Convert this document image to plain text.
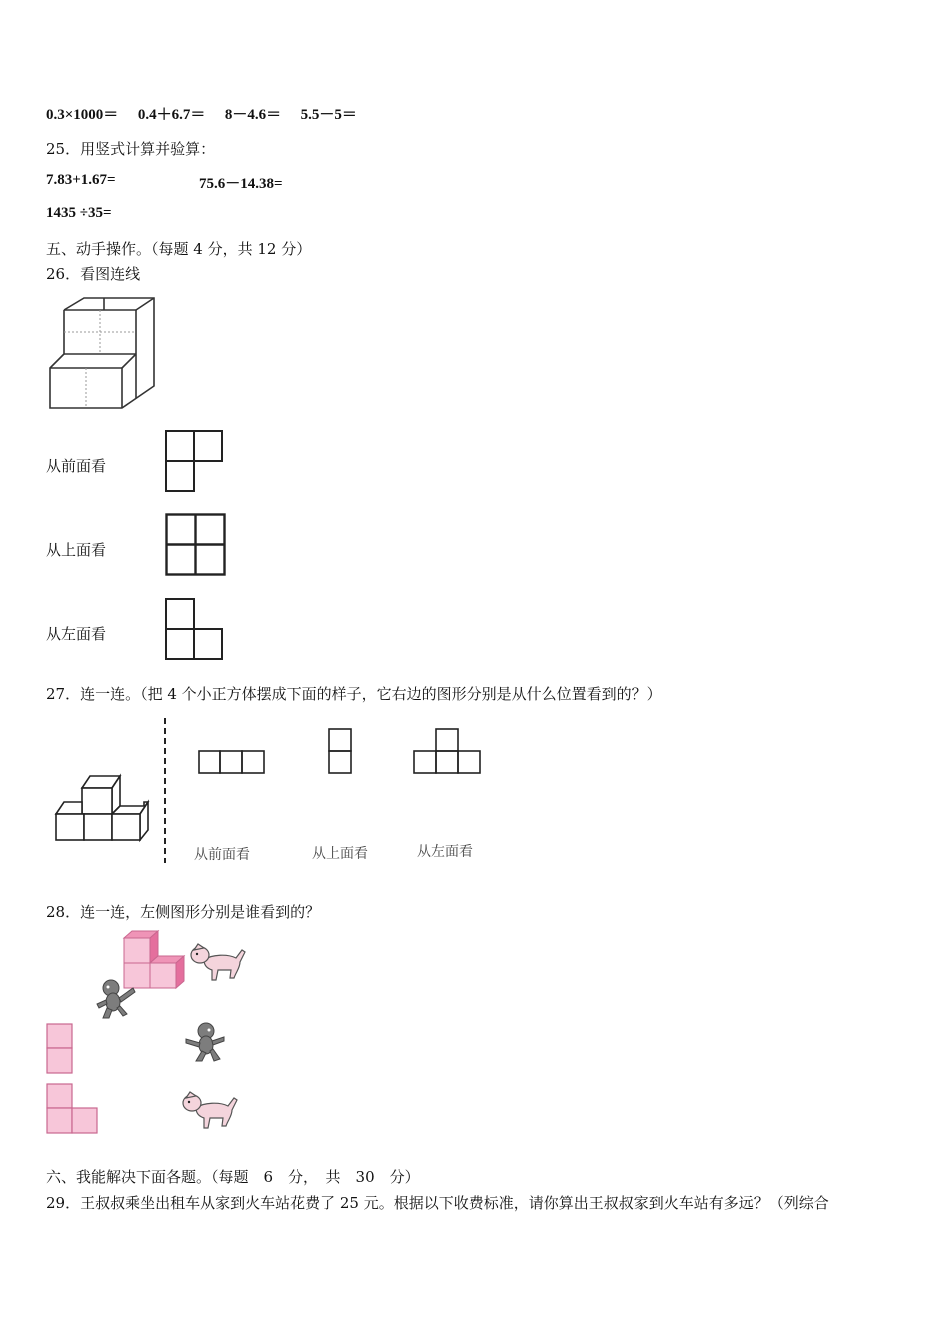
0.3×1000＝ 0.4＋6.7＝ 8－4.6＝ 5.5－5＝
25．用竖式计算并验算：
7.83+1.67=	75.6－14.38=
1435 ÷35=
五、动手操作。（每题 4 分，共 12 分）
26．看图连线
从前面看
从上面看
从左面看
27．连一连。（把 4 个小正方体摆成下面的样子，它右边的图形分别是从什么位置看到的？）
从前面看	从上面看	从左面看
28．连一连，左侧图形分别是谁看到的？
六、我能解决下面各题。（每题　6　分，　共　30　分）
29．王叔叔乘坐出租车从家到火车站花费了 25 元。根据以下收费标准，请你算出王叔叔家到火车站有多远？（列综合
